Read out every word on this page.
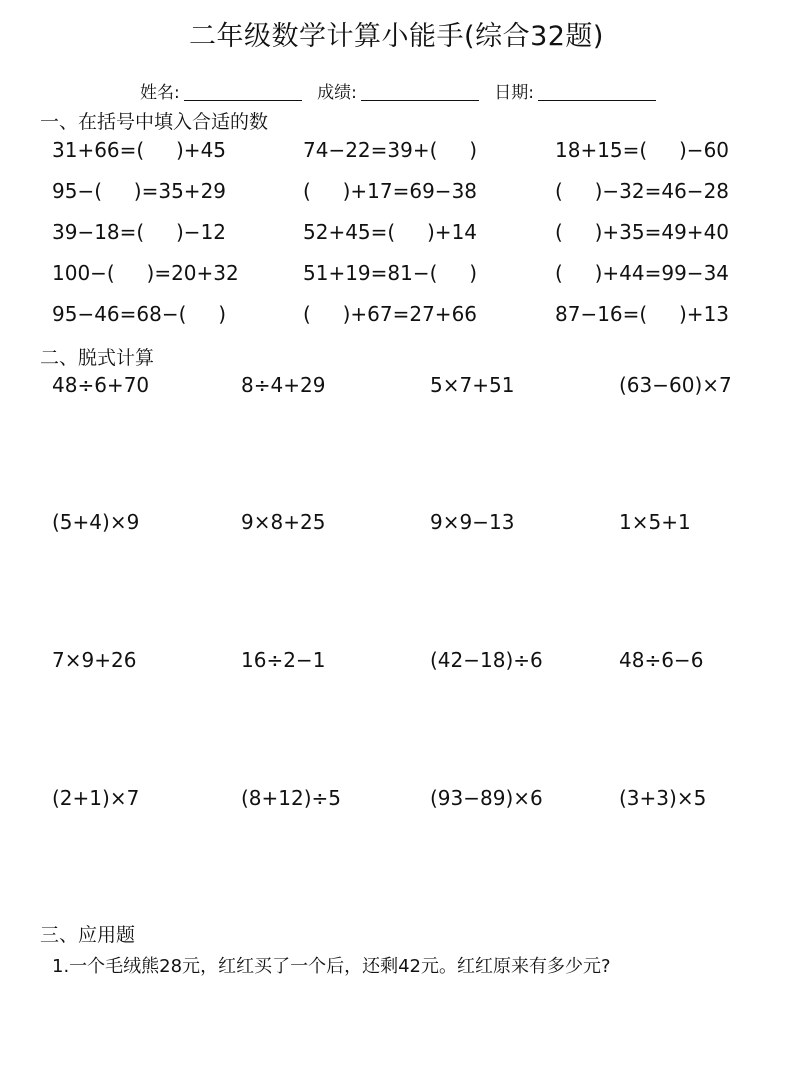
二年级数学计算小能手(综合32题)
姓名:	成绩:	日期:
一、在括号中填入合适的数
31+66=(     )+45	74−22=39+(     )	18+15=(     )−60
95−(     )=35+29	(     )+17=69−38	(     )−32=46−28
39−18=(     )−12	52+45=(     )+14	(     )+35=49+40
100−(     )=20+32	51+19=81−(     )	(     )+44=99−34
95−46=68−(     )	(     )+67=27+66	87−16=(     )+13
二、脱式计算
48÷6+70	8÷4+29	5×7+51	(63−60)×7
(5+4)×9	9×8+25	9×9−13	1×5+1
7×9+26	16÷2−1	(42−18)÷6	48÷6−6
(2+1)×7	(8+12)÷5	(93−89)×6	(3+3)×5
三、应用题
1.一个毛绒熊28元，红红买了一个后，还剩42元。红红原来有多少元?
